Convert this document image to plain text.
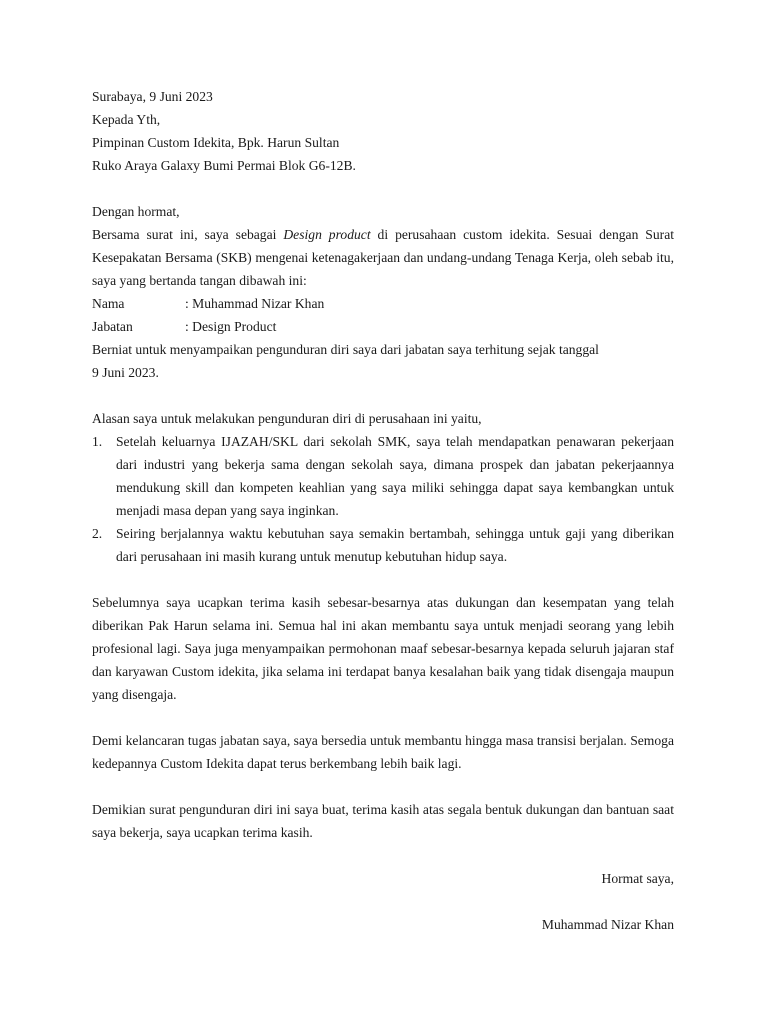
Surabaya, 9 Juni 2023
Kepada Yth,
Pimpinan Custom Idekita, Bpk. Harun Sultan
Ruko Araya Galaxy Bumi Permai Blok G6-12B.
Dengan hormat,
Bersama surat ini, saya sebagai Design product di perusahaan custom idekita. Sesuai dengan Surat Kesepakatan Bersama (SKB) mengenai ketenagakerjaan dan undang-undang Tenaga Kerja, oleh sebab itu, saya yang bertanda tangan dibawah ini:
Nama	: Muhammad Nizar Khan
Jabatan	: Design Product
Berniat untuk menyampaikan pengunduran diri saya dari jabatan saya terhitung sejak tanggal
9 Juni 2023.
Alasan saya untuk melakukan pengunduran diri di perusahaan ini yaitu,
1. Setelah keluarnya IJAZAH/SKL dari sekolah SMK, saya telah mendapatkan penawaran pekerjaan dari industri yang bekerja sama dengan sekolah saya, dimana prospek dan jabatan pekerjaannya mendukung skill dan kompeten keahlian yang saya miliki sehingga dapat saya kembangkan untuk menjadi masa depan yang saya inginkan.
2. Seiring berjalannya waktu kebutuhan saya semakin bertambah, sehingga untuk gaji yang diberikan dari perusahaan ini masih kurang untuk menutup kebutuhan hidup saya.
Sebelumnya saya ucapkan terima kasih sebesar-besarnya atas dukungan dan kesempatan yang telah diberikan Pak Harun selama ini. Semua hal ini akan membantu saya untuk menjadi seorang yang lebih profesional lagi. Saya juga menyampaikan permohonan maaf sebesar-besarnya kepada seluruh jajaran staf dan karyawan Custom idekita, jika selama ini terdapat banya kesalahan baik yang tidak disengaja maupun yang disengaja.
Demi kelancaran tugas jabatan saya, saya bersedia untuk membantu hingga masa transisi berjalan. Semoga kedepannya Custom Idekita dapat terus berkembang lebih baik lagi.
Demikian surat pengunduran diri ini saya buat, terima kasih atas segala bentuk dukungan dan bantuan saat saya bekerja, saya ucapkan terima kasih.
Hormat saya,
Muhammad Nizar Khan
